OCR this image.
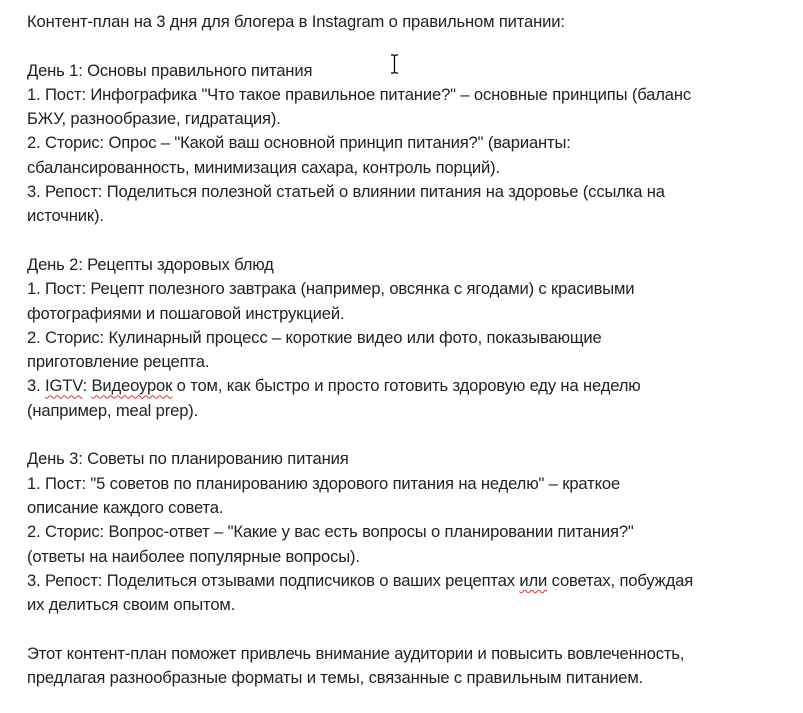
Контент-план на 3 дня для блогера в Instagram о правильном питании:
День 1: Основы правильного питания
1. Пост: Инфографика "Что такое правильное питание?" – основные принципы (баланс
БЖУ, разнообразие, гидратация).
2. Сторис: Опрос – "Какой ваш основной принцип питания?" (варианты:
сбалансированность, минимизация сахара, контроль порций).
3. Репост: Поделиться полезной статьей о влиянии питания на здоровье (ссылка на
источник).
День 2: Рецепты здоровых блюд
1. Пост: Рецепт полезного завтрака (например, овсянка с ягодами) с красивыми
фотографиями и пошаговой инструкцией.
2. Сторис: Кулинарный процесс – короткие видео или фото, показывающие
приготовление рецепта.
3. IGTV: Видеоурок о том, как быстро и просто готовить здоровую еду на неделю
(например, meal prep).
День 3: Советы по планированию питания
1. Пост: "5 советов по планированию здорового питания на неделю" – краткое
описание каждого совета.
2. Сторис: Вопрос-ответ – "Какие у вас есть вопросы о планировании питания?"
(ответы на наиболее популярные вопросы).
3. Репост: Поделиться отзывами подписчиков о ваших рецептах или советах, побуждая
их делиться своим опытом.
Этот контент-план поможет привлечь внимание аудитории и повысить вовлеченность,
предлагая разнообразные форматы и темы, связанные с правильным питанием.
